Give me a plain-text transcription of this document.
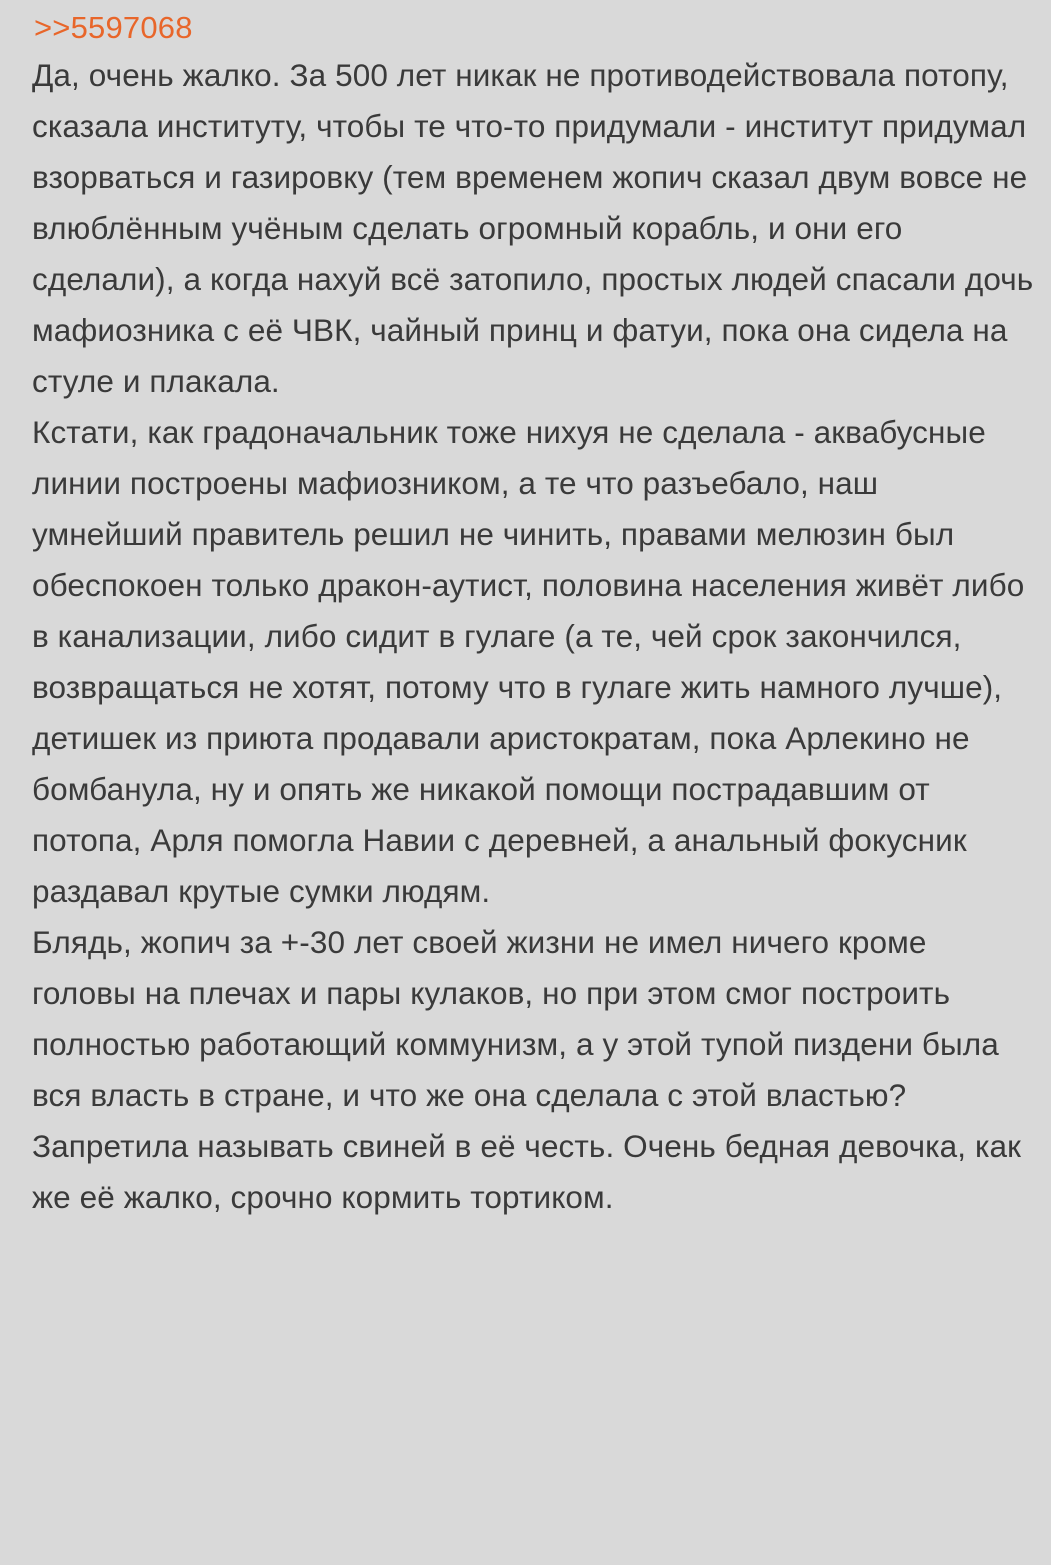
>>5597068

Да, очень жалко. За 500 лет никак не противодействовала потопу, сказала институту, чтобы те что-то придумали - институт придумал взорваться и газировку (тем временем жопич сказал двум вовсе не влюблённым учёным сделать огромный корабль, и они его сделали), а когда нахуй всё затопило, простых людей спасали дочь мафиозника с её ЧВК, чайный принц и фатуи, пока она сидела на стуле и плакала.

Кстати, как градоначальник тоже нихуя не сделала - аквабусные линии построены мафиозником, а те что разъебало, наш умнейший правитель решил не чинить, правами мелюзин был обеспокоен только дракон-аутист, половина населения живёт либо в канализации, либо сидит в гулаге (а те, чей срок закончился, возвращаться не хотят, потому что в гулаге жить намного лучше), детишек из приюта продавали аристократам, пока Арлекино не бомбанула, ну и опять же никакой помощи пострадавшим от потопа, Арля помогла Навии с деревней, а анальный фокусник раздавал крутые сумки людям.

Блядь, жопич за +-30 лет своей жизни не имел ничего кроме головы на плечах и пары кулаков, но при этом смог построить полностью работающий коммунизм, а у этой тупой пиздени была вся власть в стране, и что же она сделала с этой властью? Запретила называть свиней в её честь. Очень бедная девочка, как же её жалко, срочно кормить тортиком.
